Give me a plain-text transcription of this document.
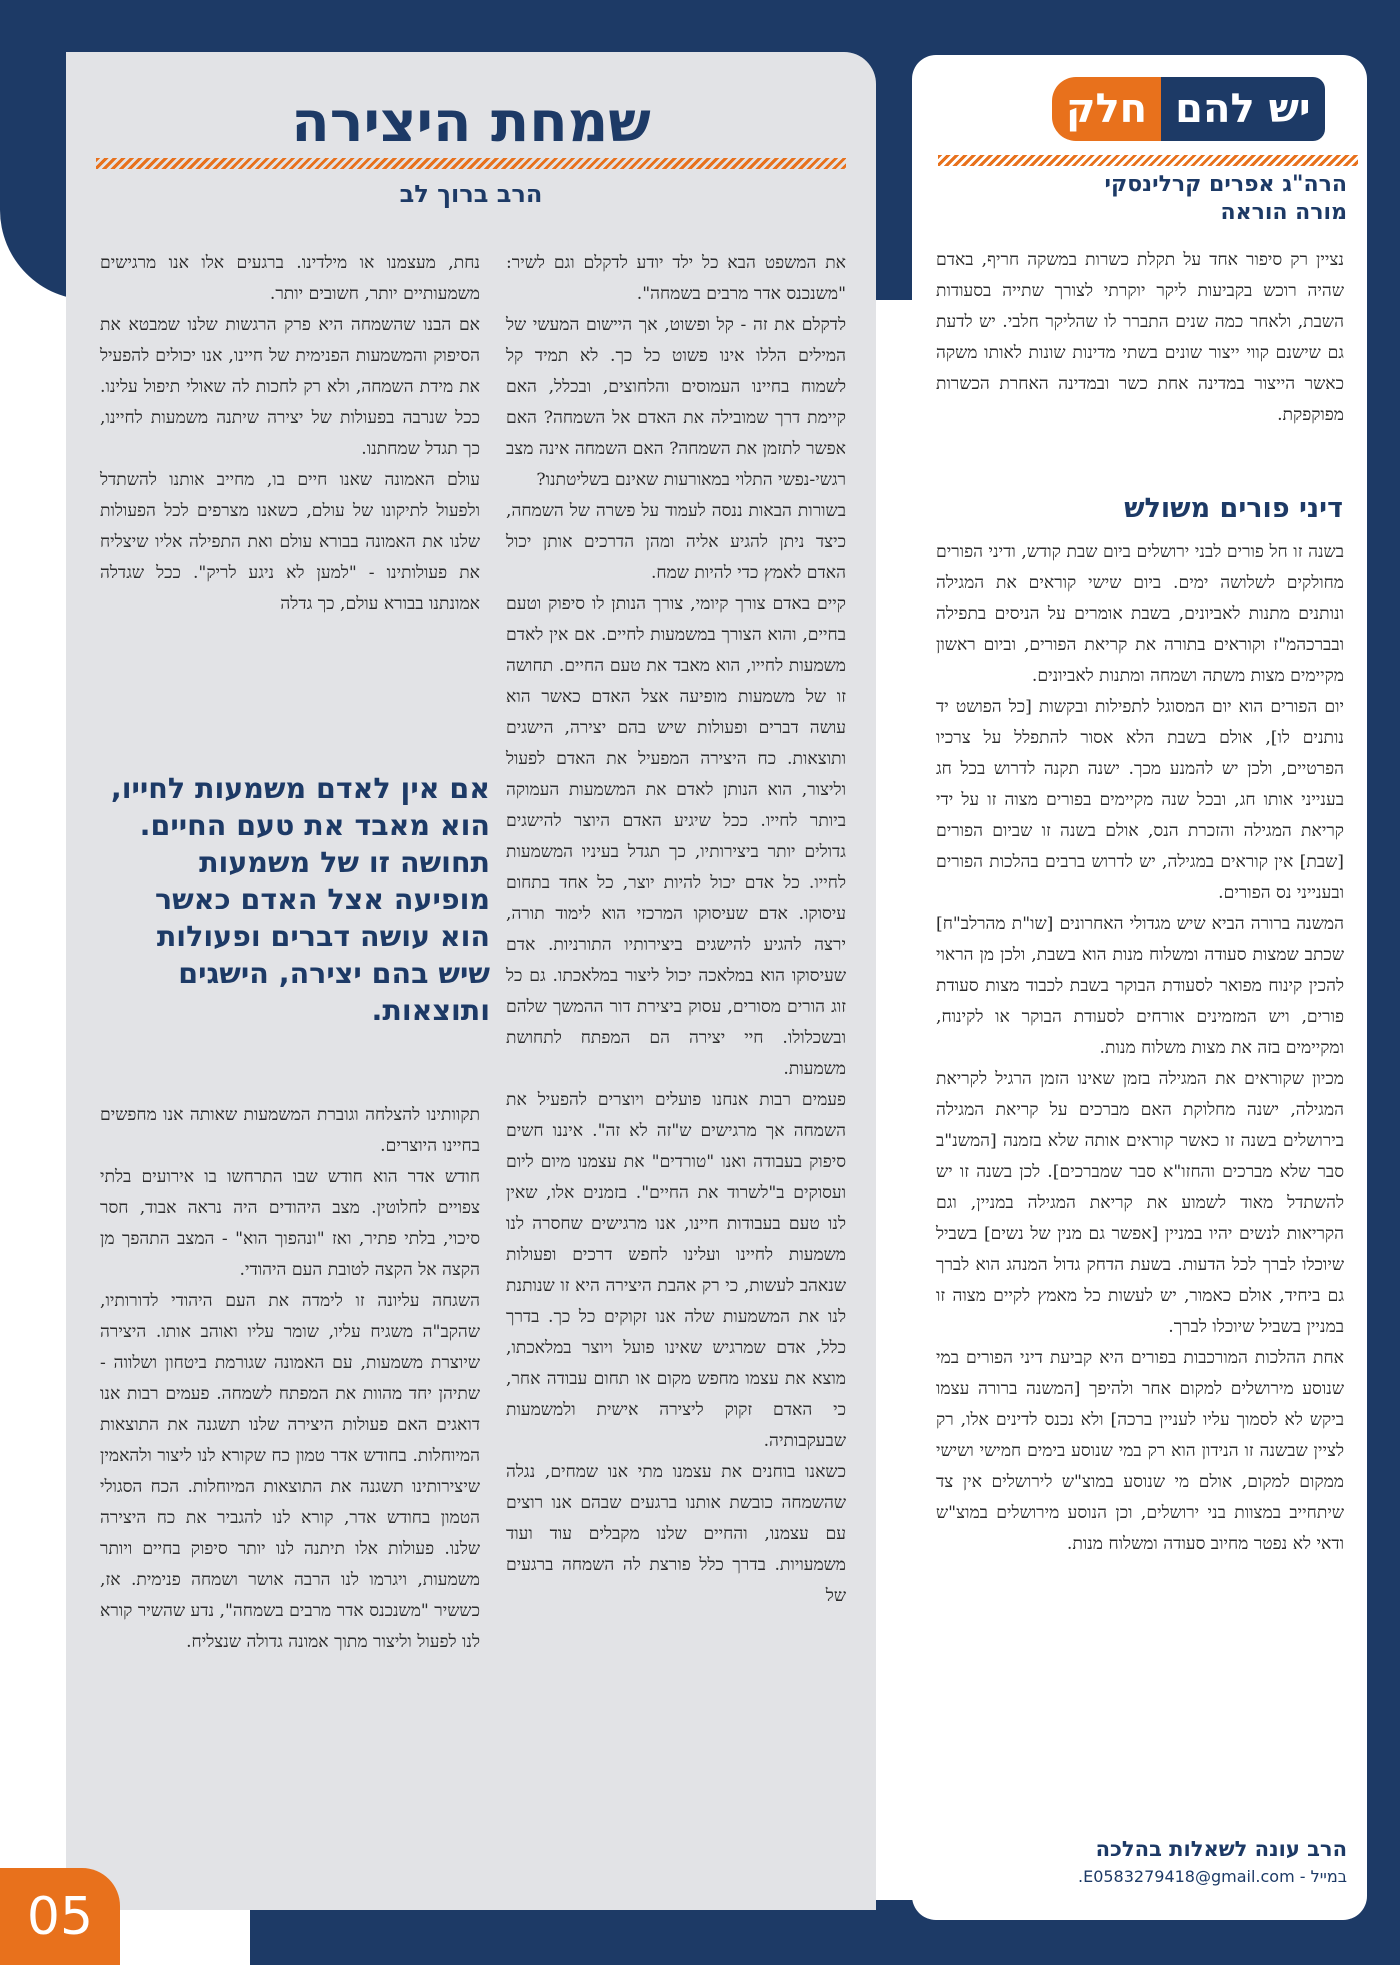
שמחת היצירה
הרב ברוך לב

את המשפט הבא כל ילד יודע לדקלם וגם לשיר: "משנכנס אדר מרבים בשמחה".

לדקלם את זה - קל ופשוט, אך היישום המעשי של המילים הללו אינו פשוט כל כך. לא תמיד קל לשמוח בחיינו העמוסים והלחוצים, ובכלל, האם קיימת דרך שמובילה את האדם אל השמחה? האם אפשר לתזמן את השמחה? האם השמחה אינה מצב רגשי-נפשי התלוי במאורעות שאינם בשליטתנו?

בשורות הבאות ננסה לעמוד על פשרה של השמחה, כיצד ניתן להגיע אליה ומהן הדרכים אותן יכול האדם לאמץ כדי להיות שמח.

קיים באדם צורך קיומי, צורך הנותן לו סיפוק וטעם בחיים, והוא הצורך במשמעות לחיים. אם אין לאדם משמעות לחייו, הוא מאבד את טעם החיים. תחושה זו של משמעות מופיעה אצל האדם כאשר הוא עושה דברים ופעולות שיש בהם יצירה, הישגים ותוצאות. כח היצירה המפעיל את האדם לפעול וליצור, הוא הנותן לאדם את המשמעות העמוקה ביותר לחייו. ככל שיגיע האדם היוצר להישגים גדולים יותר ביצירותיו, כך תגדל בעיניו המשמעות לחייו. כל אדם יכול להיות יוצר, כל אחד בתחום עיסוקו. אדם שעיסוקו המרכזי הוא לימוד תורה, ירצה להגיע להישגים ביצירותיו התורניות. אדם שעיסוקו הוא במלאכה יכול ליצור במלאכתו. גם כל זוג הורים מסורים, עסוק ביצירת דור ההמשך שלהם ובשכלולו. חיי יצירה הם המפתח לתחושת משמעות.

פעמים רבות אנחנו פועלים ויוצרים להפעיל את השמחה אך מרגישים ש"זה לא זה". איננו חשים סיפוק בעבודה ואנו "טורדים" את עצמנו מיום ליום ועסוקים ב"לשרוד את החיים". בזמנים אלו, שאין לנו טעם בעבודות חיינו, אנו מרגישים שחסרה לנו משמעות לחיינו ועלינו לחפש דרכים ופעולות שנאהב לעשות, כי רק אהבת היצירה היא זו שנותנת לנו את המשמעות שלה אנו זקוקים כל כך. בדרך כלל, אדם שמרגיש שאינו פועל ויוצר במלאכתו, מוצא את עצמו מחפש מקום או תחום עבודה אחר, כי האדם זקוק ליצירה אישית ולמשמעות שבעקבותיה.

כשאנו בוחנים את עצמנו מתי אנו שמחים, נגלה שהשמחה כובשת אותנו ברגעים שבהם אנו רוצים עם עצמנו, והחיים שלנו מקבלים עוד ועוד משמעויות. בדרך כלל פורצת לה השמחה ברגעים של

נחת, מעצמנו או מילדינו. ברגעים אלו אנו מרגישים משמעותיים יותר, חשובים יותר.

אם הבנו שהשמחה היא פרק הרגשות שלנו שמבטא את הסיפוק והמשמעות הפנימית של חיינו, אנו יכולים להפעיל את מידת השמחה, ולא רק לחכות לה שאולי תיפול עלינו. ככל שנרבה בפעולות של יצירה שיתנה משמעות לחיינו, כך תגדל שמחתנו.

עולם האמונה שאנו חיים בו, מחייב אותנו להשתדל ולפעול לתיקונו של עולם, כשאנו מצרפים לכל הפעולות שלנו את האמונה בבורא עולם ואת התפילה אליו שיצליח את פעולותינו - "למען לא ניגע לריק". ככל שגדלה אמונתנו בבורא עולם, כך גדלה

אם אין לאדם משמעות לחייו, הוא מאבד את טעם החיים. תחושה זו של משמעות מופיעה אצל האדם כאשר הוא עושה דברים ופעולות שיש בהם יצירה, הישגים ותוצאות.

תקוותינו להצלחה וגוברת המשמעות שאותה אנו מחפשים בחיינו היוצרים.

חודש אדר הוא חודש שבו התרחשו בו אירועים בלתי צפויים לחלוטין. מצב היהודים היה נראה אבוד, חסר סיכוי, בלתי פתיר, ואז "ונהפוך הוא" - המצב התהפך מן הקצה אל הקצה לטובת העם היהודי.

השגחה עליונה זו לימדה את העם היהודי לדורותיו, שהקב"ה משגיח עליו, שומר עליו ואוהב אותו. היצירה שיוצרת משמעות, עם האמונה שגורמת ביטחון ושלווה - שתיהן יחד מהוות את המפתח לשמחה. פעמים רבות אנו דואגים האם פעולות היצירה שלנו תשגנה את התוצאות המיוחלות. בחודש אדר טמון כח שקורא לנו ליצור ולהאמין שיצירותינו תשגנה את התוצאות המיוחלות. הכח הסגולי הטמון בחודש אדר, קורא לנו להגביר את כח היצירה שלנו. פעולות אלו תיתנה לנו יותר סיפוק בחיים ויותר משמעות, ויגרמו לנו הרבה אושר ושמחה פנימית. אז, כששיר "משנכנס אדר מרבים בשמחה", נדע שהשיר קורא לנו לפעול וליצור מתוך אמונה גדולה שנצליח.

יש להם
חלק
הרה"ג אפרים קרלינסקי
מורה הוראה

נציין רק סיפור אחד על תקלת כשרות במשקה חריף, באדם שהיה רוכש בקביעות ליקר יוקרתי לצורך שתייה בסעודות השבת, ולאחר כמה שנים התברר לו שהליקר חלבי. יש לדעת גם שישנם קווי ייצור שונים בשתי מדינות שונות לאותו משקה כאשר הייצור במדינה אחת כשר ובמדינה האחרת הכשרות מפוקפקת.

דיני פורים משולש

בשנה זו חל פורים לבני ירושלים ביום שבת קודש, ודיני הפורים מחולקים לשלושה ימים. ביום שישי קוראים את המגילה ונותנים מתנות לאביונים, בשבת אומרים על הניסים בתפילה ובברכהמ"ז וקוראים בתורה את קריאת הפורים, וביום ראשון מקיימים מצות משתה ושמחה ומתנות לאביונים.

יום הפורים הוא יום המסוגל לתפילות ובקשות [כל הפושט יד נותנים לו], אולם בשבת הלא אסור להתפלל על צרכיו הפרטיים, ולכן יש להמנע מכך. ישנה תקנה לדרוש בכל חג בענייני אותו חג, ובכל שנה מקיימים בפורים מצוה זו על ידי קריאת המגילה והזכרת הנס, אולם בשנה זו שביום הפורים [שבת] אין קוראים במגילה, יש לדרוש ברבים בהלכות הפורים ובענייני נס הפורים.

המשנה ברורה הביא שיש מגדולי האחרונים [שו"ת מהרלב"ח] שכתב שמצות סעודה ומשלוח מנות הוא בשבת, ולכן מן הראוי להכין קינוח מפואר לסעודת הבוקר בשבת לכבוד מצות סעודת פורים, ויש המזמינים אורחים לסעודת הבוקר או לקינוח, ומקיימים בזה את מצות משלוח מנות.

מכיון שקוראים את המגילה בזמן שאינו הזמן הרגיל לקריאת המגילה, ישנה מחלוקת האם מברכים על קריאת המגילה בירושלים בשנה זו כאשר קוראים אותה שלא בזמנה [המשנ"ב סבר שלא מברכים והחזו"א סבר שמברכים]. לכן בשנה זו יש להשתדל מאוד לשמוע את קריאת המגילה במניין, וגם הקריאות לנשים יהיו במניין [אפשר גם מנין של נשים] בשביל שיוכלו לברך לכל הדעות. בשעת הדחק גדול המנהג הוא לברך גם ביחיד, אולם כאמור, יש לעשות כל מאמץ לקיים מצוה זו במניין בשביל שיוכלו לברך.

אחת ההלכות המורכבות בפורים היא קביעת דיני הפורים במי שנוסע מירושלים למקום אחר ולהיפך [המשנה ברורה עצמו ביקש לא לסמוך עליו לעניין ברכה] ולא נכנס לדינים אלו, רק לציין שבשנה זו הנידון הוא רק במי שנוסע בימים חמישי ושישי ממקום למקום, אולם מי שנוסע במוצ"ש לירושלים אין צד שיתחייב במצוות בני ירושלים, וכן הנוסע מירושלים במוצ"ש ודאי לא נפטר מחיוב סעודה ומשלוח מנות.

הרב עונה לשאלות בהלכה

במייל - E0583279418@gmail.com.

05
